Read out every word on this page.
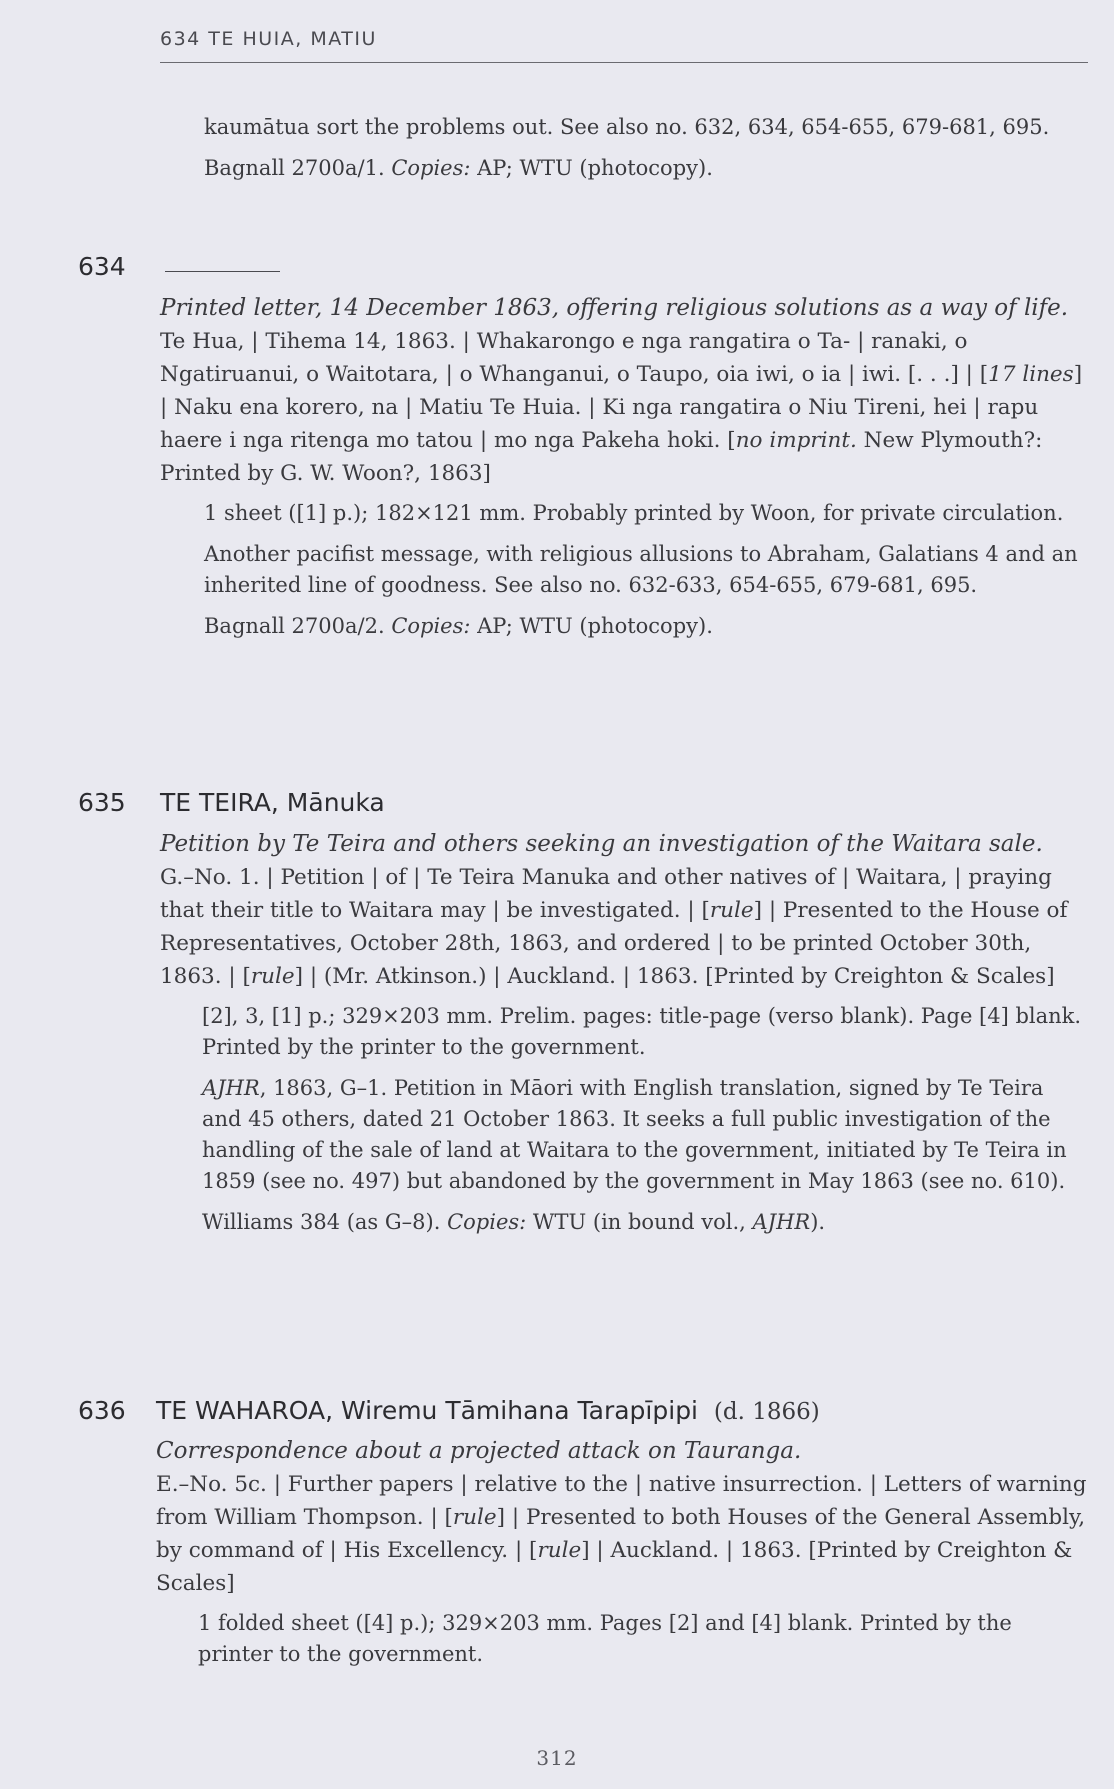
634 TE HUIA, MATIU

kaumātua sort the problems out. See also no. 632, 634, 654-655, 679-681, 695.

Bagnall 2700a/1. Copies: AP; WTU (photocopy).

634

Printed letter, 14 December 1863, offering religious solutions as a way of life.

Te Hua, | Tihema 14, 1863. | Whakarongo e nga rangatira o Ta- | ranaki, o Ngatiruanui, o Waitotara, | o Whanganui, o Taupo, oia iwi, o ia | iwi. [. . .] | [17 lines] | Naku ena korero, na | Matiu Te Huia. | Ki nga rangatira o Niu Tireni, hei | rapu haere i nga ritenga mo tatou | mo nga Pakeha hoki. [no imprint. New Plymouth?: Printed by G. W. Woon?, 1863]

1 sheet ([1] p.); 182×121 mm. Probably printed by Woon, for private circulation.

Another pacifist message, with religious allusions to Abraham, Galatians 4 and an inherited line of goodness. See also no. 632-633, 654-655, 679-681, 695.

Bagnall 2700a/2. Copies: AP; WTU (photocopy).

635 TE TEIRA, Mānuka

Petition by Te Teira and others seeking an investigation of the Waitara sale.

G.–No. 1. | Petition | of | Te Teira Manuka and other natives of | Waitara, | praying that their title to Waitara may | be investigated. | [rule] | Presented to the House of Representatives, October 28th, 1863, and ordered | to be printed October 30th, 1863. | [rule] | (Mr. Atkinson.) | Auckland. | 1863. [Printed by Creighton & Scales]

[2], 3, [1] p.; 329×203 mm. Prelim. pages: title-page (verso blank). Page [4] blank. Printed by the printer to the government.

AJHR, 1863, G–1. Petition in Māori with English translation, signed by Te Teira and 45 others, dated 21 October 1863. It seeks a full public investigation of the handling of the sale of land at Waitara to the government, initiated by Te Teira in 1859 (see no. 497) but abandoned by the government in May 1863 (see no. 610).

Williams 384 (as G–8). Copies: WTU (in bound vol., AJHR).

636 TE WAHAROA, Wiremu Tāmihana Tarapīpipi (d. 1866)

Correspondence about a projected attack on Tauranga.

E.–No. 5c. | Further papers | relative to the | native insurrection. | Letters of warning from William Thompson. | [rule] | Presented to both Houses of the General Assembly, by command of | His Excellency. | [rule] | Auckland. | 1863. [Printed by Creighton & Scales]

1 folded sheet ([4] p.); 329×203 mm. Pages [2] and [4] blank. Printed by the printer to the government.

312
